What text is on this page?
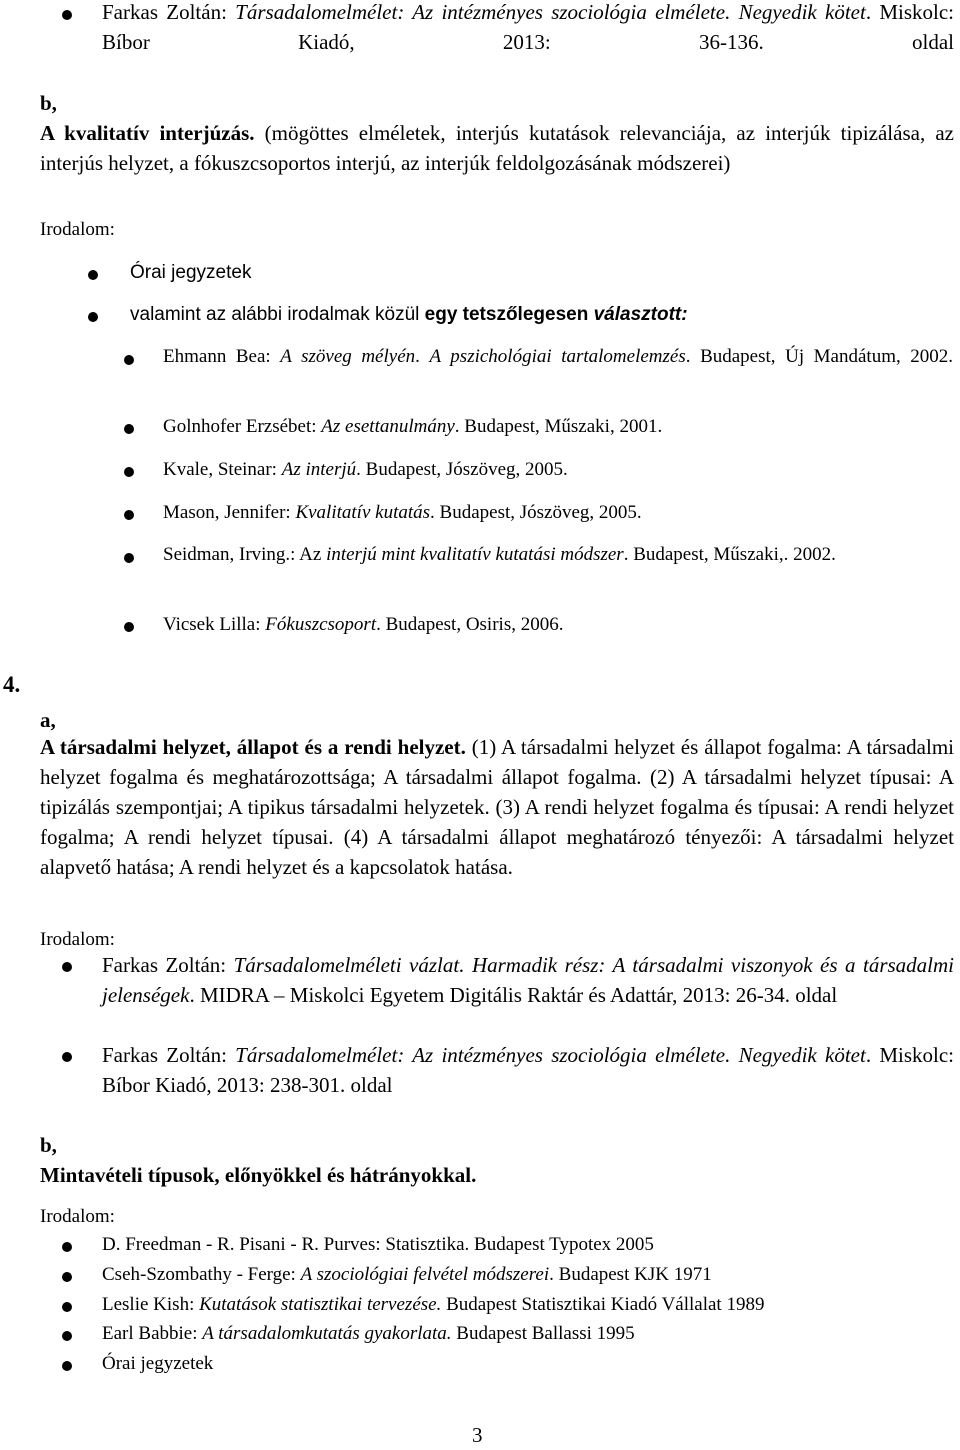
Farkas Zoltán: Társadalomelmélet: Az intézményes szociológia elmélete. Negyedik kötet. Miskolc: Bíbor Kiadó, 2013: 36-136. oldal
b,
A kvalitatív interjúzás. (mögöttes elméletek, interjús kutatások relevanciája, az interjúk tipizálása, az interjús helyzet, a fókuszcsoportos interjú, az interjúk feldolgozásának módszerei)
Irodalom:
Órai jegyzetek
valamint az alábbi irodalmak közül egy tetszőlegesen választott:
Ehmann Bea: A szöveg mélyén. A pszichológiai tartalomelemzés. Budapest, Új Mandátum, 2002.
Golnhofer Erzsébet: Az esettanulmány. Budapest, Műszaki, 2001.
Kvale, Steinar: Az interjú. Budapest, Jószöveg, 2005.
Mason, Jennifer: Kvalitatív kutatás. Budapest, Jószöveg, 2005.
Seidman, Irving.: Az interjú mint kvalitatív kutatási módszer. Budapest, Műszaki,. 2002.
Vicsek Lilla: Fókuszcsoport. Budapest, Osiris, 2006.
4.
a,
A társadalmi helyzet, állapot és a rendi helyzet. (1) A társadalmi helyzet és állapot fogalma: A társadalmi helyzet fogalma és meghatározottsága; A társadalmi állapot fogalma. (2) A társadalmi helyzet típusai: A tipizálás szempontjai; A tipikus társadalmi helyzetek. (3) A rendi helyzet fogalma és típusai: A rendi helyzet fogalma; A rendi helyzet típusai. (4) A társadalmi állapot meghatározó tényezői: A társadalmi helyzet alapvető hatása; A rendi helyzet és a kapcsolatok hatása.
Irodalom:
Farkas Zoltán: Társadalomelméleti vázlat. Harmadik rész: A társadalmi viszonyok és a társadalmi jelenségek. MIDRA – Miskolci Egyetem Digitális Raktár és Adattár, 2013: 26-34. oldal
Farkas Zoltán: Társadalomelmélet: Az intézményes szociológia elmélete. Negyedik kötet. Miskolc: Bíbor Kiadó, 2013: 238-301. oldal
b,
Mintavételi típusok, előnyökkel és hátrányokkal.
Irodalom:
D. Freedman - R. Pisani - R. Purves: Statisztika. Budapest Typotex 2005
Cseh-Szombathy - Ferge: A szociológiai felvétel módszerei. Budapest KJK 1971
Leslie Kish: Kutatások statisztikai tervezése. Budapest Statisztikai Kiadó Vállalat 1989
Earl Babbie: A társadalomkutatás gyakorlata. Budapest Ballassi 1995
Órai jegyzetek
3
